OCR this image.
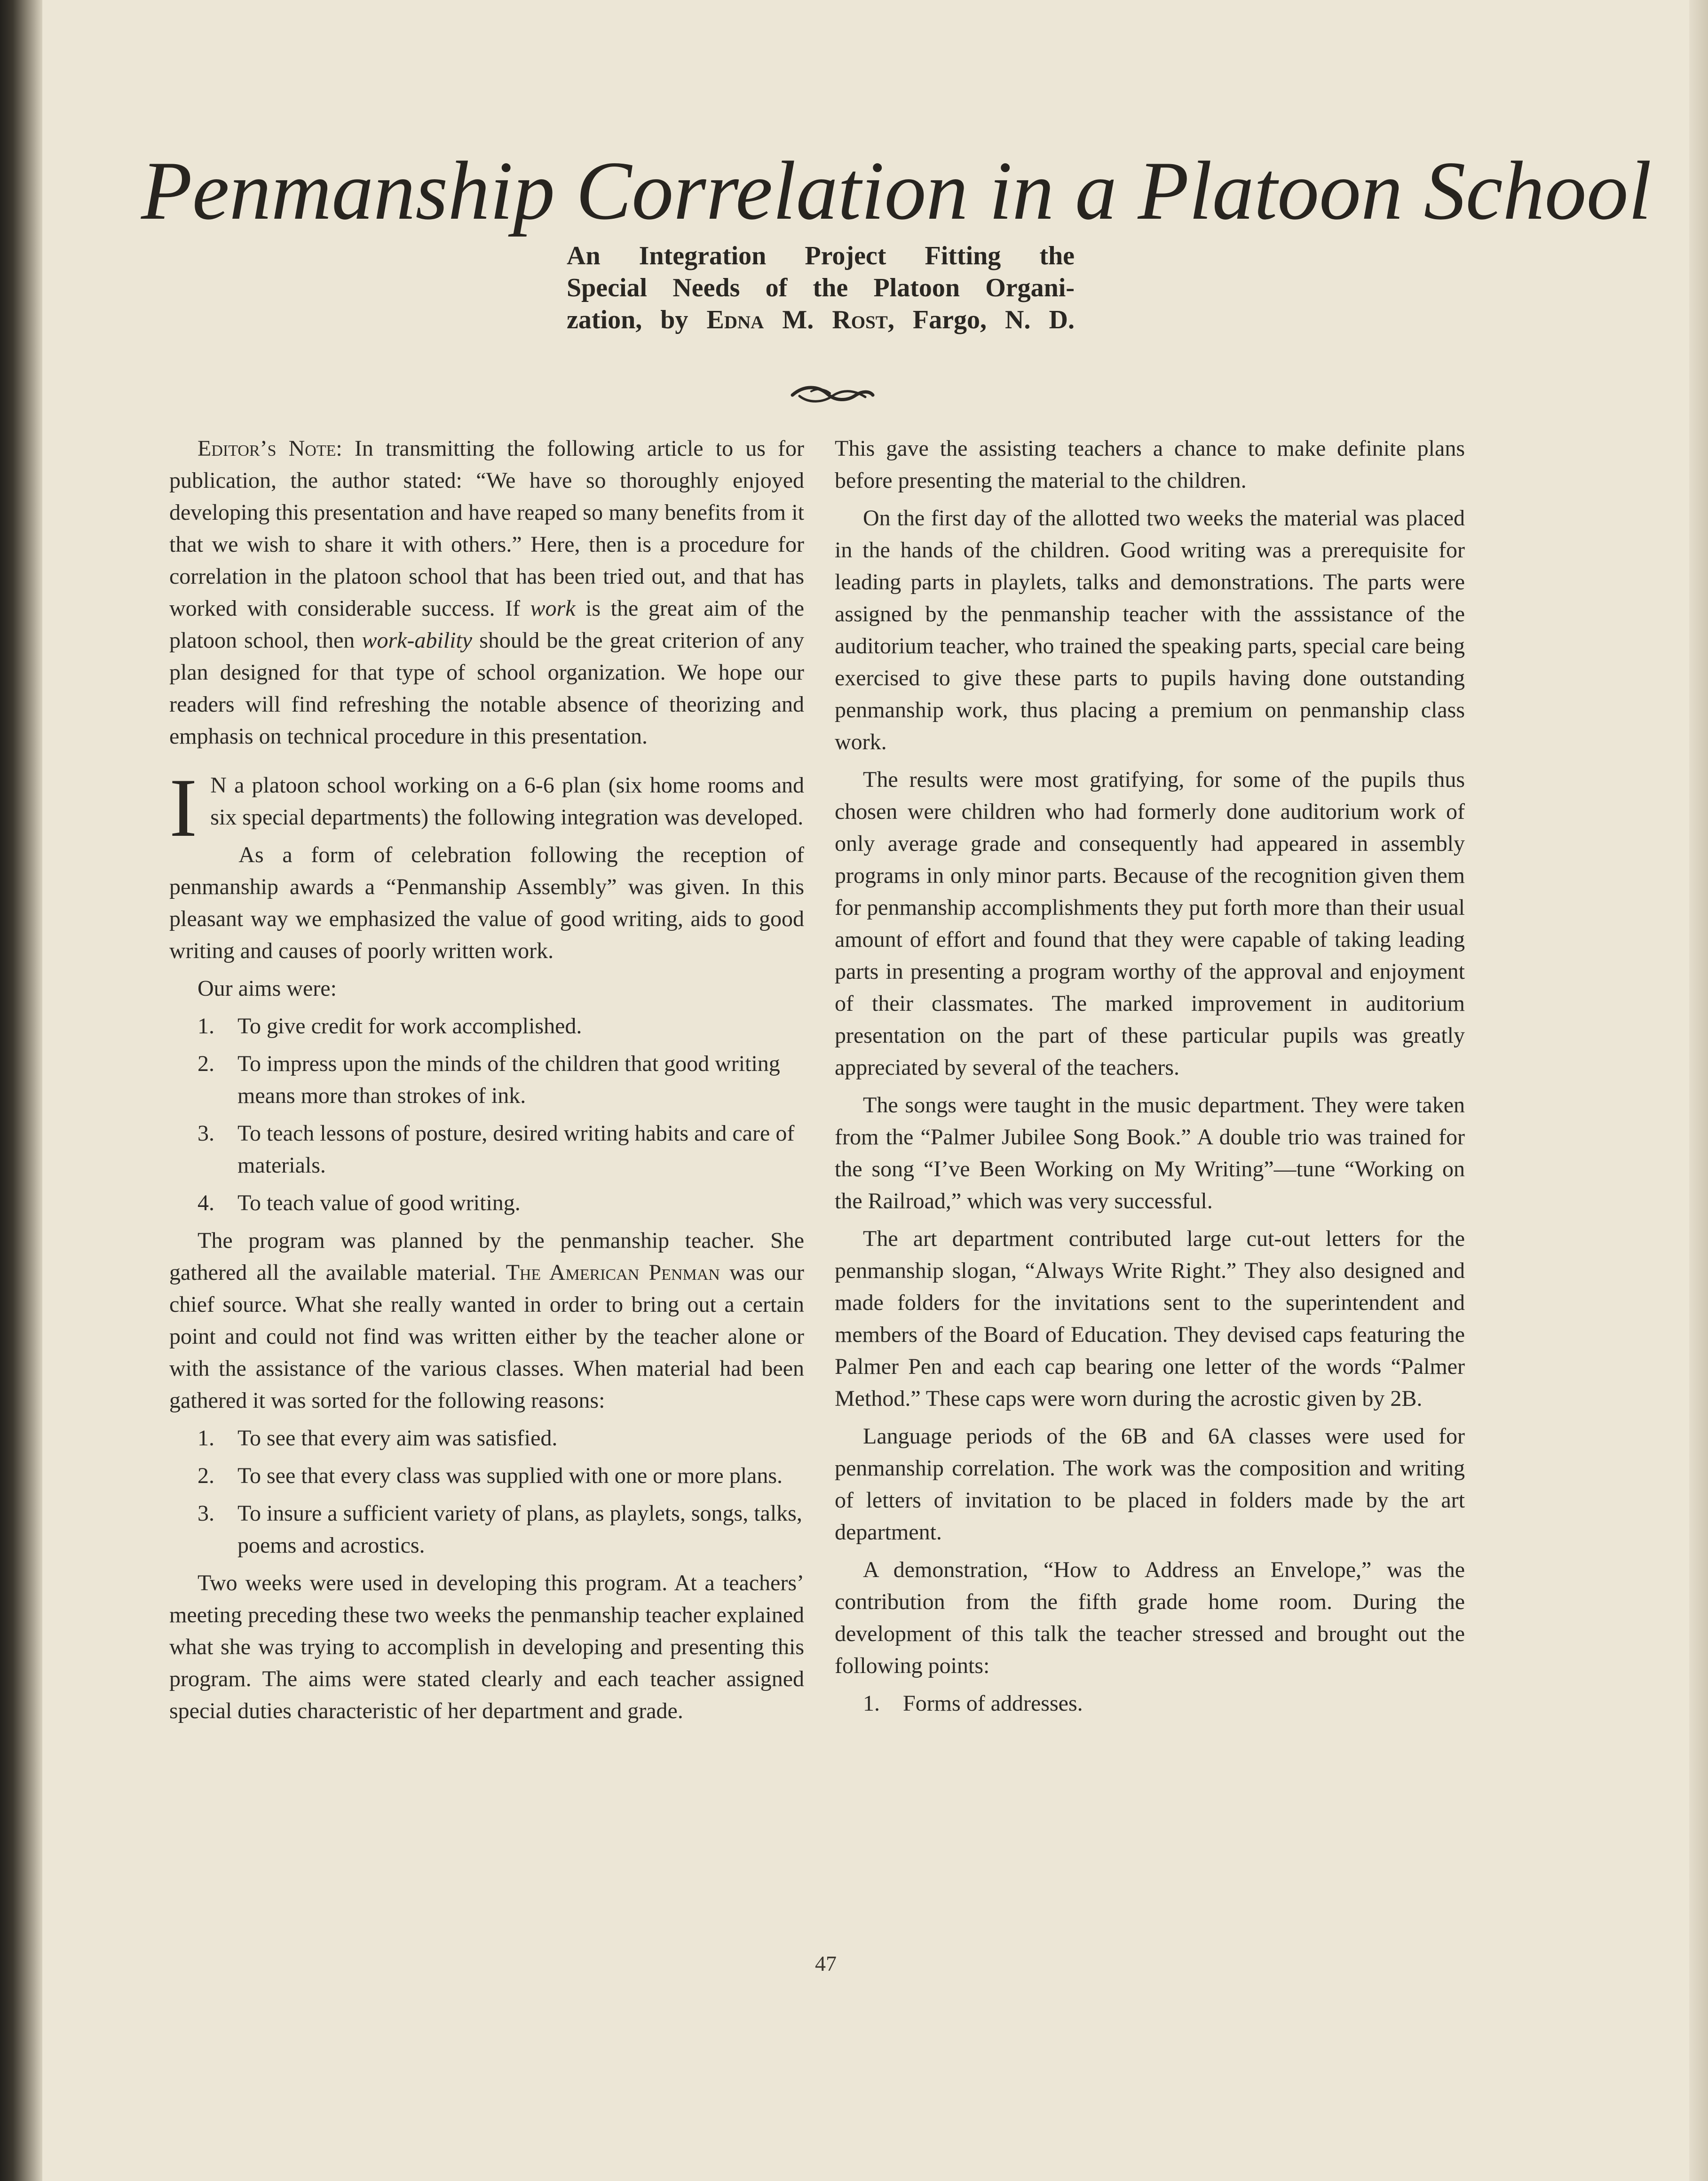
Penmanship Correlation in a Platoon School
An Integration Project Fitting the
Special Needs of the Platoon Organi-
zation, by Edna M. Rost, Fargo, N. D.

Editor’s Note: In transmitting the following article to us for publication, the author stated: “We have so thoroughly enjoyed developing this presentation and have reaped so many benefits from it that we wish to share it with others.” Here, then is a procedure for correlation in the platoon school that has been tried out, and that has worked with considerable success. If work is the great aim of the platoon school, then work-ability should be the great criterion of any plan designed for that type of school organization. We hope our readers will find refreshing the notable absence of theorizing and emphasis on technical procedure in this presentation.

I N a platoon school working on a 6-6 plan (six home rooms and six special departments) the following integration was developed.

As a form of celebration following the reception of penmanship awards a “Penmanship Assembly” was given. In this pleasant way we emphasized the value of good writing, aids to good writing and causes of poorly written work.

Our aims were:

1. To give credit for work accomplished.
2. To impress upon the minds of the children that good writing means more than strokes of ink.
3. To teach lessons of posture, desired writing habits and care of materials.
4. To teach value of good writing.

The program was planned by the penmanship teacher. She gathered all the available material. The American Penman was our chief source. What she really wanted in order to bring out a certain point and could not find was written either by the teacher alone or with the assistance of the various classes. When material had been gathered it was sorted for the following reasons:

1. To see that every aim was satisfied.
2. To see that every class was supplied with one or more plans.
3. To insure a sufficient variety of plans, as playlets, songs, talks, poems and acrostics.

Two weeks were used in developing this program. At a teachers’ meeting preceding these two weeks the penmanship teacher explained what she was trying to accomplish in developing and presenting this program. The aims were stated clearly and each teacher assigned special duties characteristic of her department and grade.

This gave the assisting teachers a chance to make definite plans before presenting the material to the children.

On the first day of the allotted two weeks the material was placed in the hands of the children. Good writing was a prerequisite for leading parts in playlets, talks and demonstrations. The parts were assigned by the penmanship teacher with the asssistance of the auditorium teacher, who trained the speaking parts, special care being exercised to give these parts to pupils having done outstanding penmanship work, thus placing a premium on penmanship class work.

The results were most gratifying, for some of the pupils thus chosen were children who had formerly done auditorium work of only average grade and consequently had appeared in assembly programs in only minor parts. Because of the recognition given them for penmanship accomplishments they put forth more than their usual amount of effort and found that they were capable of taking leading parts in presenting a program worthy of the approval and enjoyment of their classmates. The marked improvement in auditorium presentation on the part of these particular pupils was greatly appreciated by several of the teachers.

The songs were taught in the music department. They were taken from the “Palmer Jubilee Song Book.” A double trio was trained for the song “I’ve Been Working on My Writing”—tune “Working on the Railroad,” which was very successful.

The art department contributed large cut-out letters for the penmanship slogan, “Always Write Right.” They also designed and made folders for the invitations sent to the superintendent and members of the Board of Education. They devised caps featuring the Palmer Pen and each cap bearing one letter of the words “Palmer Method.” These caps were worn during the acrostic given by 2B.

Language periods of the 6B and 6A classes were used for penmanship correlation. The work was the composition and writing of letters of invitation to be placed in folders made by the art department.

A demonstration, “How to Address an Envelope,” was the contribution from the fifth grade home room. During the development of this talk the teacher stressed and brought out the following points:

1. Forms of addresses.
47
